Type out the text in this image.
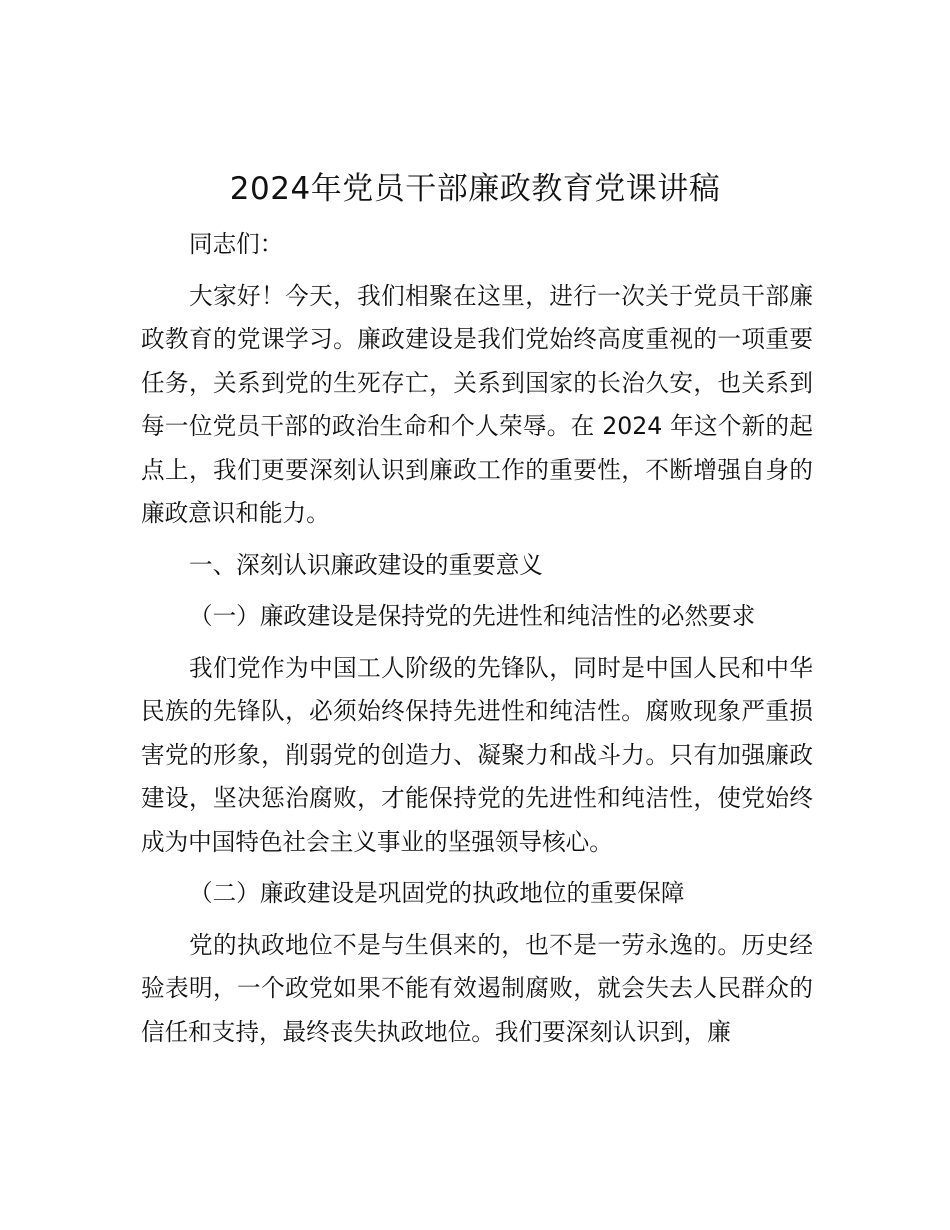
2024年党员干部廉政教育党课讲稿

同志们：

大家好！今天，我们相聚在这里，进行一次关于党员干部廉政教育的党课学习。廉政建设是我们党始终高度重视的一项重要任务，关系到党的生死存亡，关系到国家的长治久安，也关系到每一位党员干部的政治生命和个人荣辱。在 2024 年这个新的起点上，我们更要深刻认识到廉政工作的重要性，不断增强自身的廉政意识和能力。

一、深刻认识廉政建设的重要意义

（一）廉政建设是保持党的先进性和纯洁性的必然要求

我们党作为中国工人阶级的先锋队，同时是中国人民和中华民族的先锋队，必须始终保持先进性和纯洁性。腐败现象严重损害党的形象，削弱党的创造力、凝聚力和战斗力。只有加强廉政建设，坚决惩治腐败，才能保持党的先进性和纯洁性，使党始终成为中国特色社会主义事业的坚强领导核心。

（二）廉政建设是巩固党的执政地位的重要保障

党的执政地位不是与生俱来的，也不是一劳永逸的。历史经验表明，一个政党如果不能有效遏制腐败，就会失去人民群众的信任和支持，最终丧失执政地位。我们要深刻认识到，廉
